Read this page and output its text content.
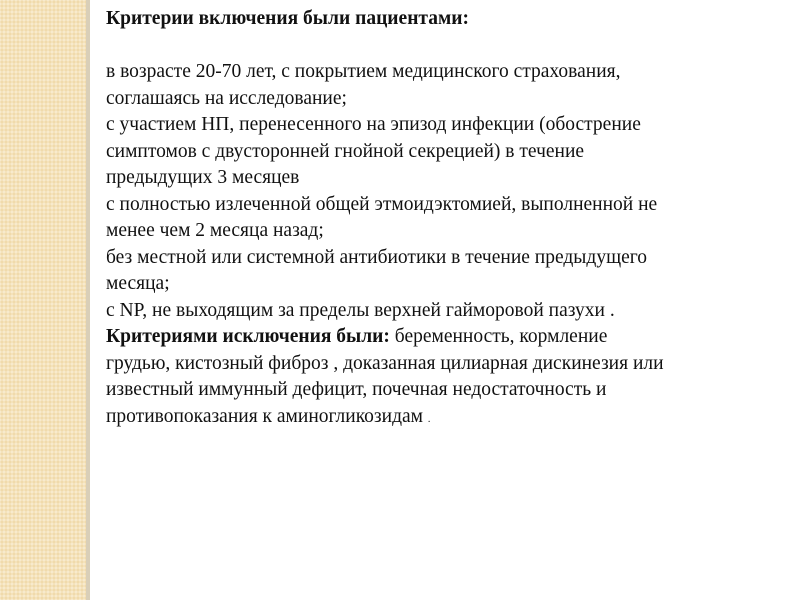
Критерии включения были пациентами:
в возрасте 20-70 лет, с покрытием медицинского страхования,
соглашаясь на исследование;
с участием НП, перенесенного на эпизод инфекции (обострение
симптомов с двусторонней гнойной секрецией) в течение
предыдущих 3 месяцев
с полностью излеченной общей этмоидэктомией, выполненной не
менее чем 2 месяца назад;
без местной или системной антибиотики в течение предыдущего
месяца;
с NP, не выходящим за пределы верхней гайморовой пазухи .
Критериями исключения были: беременность, кормление
грудью, кистозный фиброз , доказанная цилиарная дискинезия или
известный иммунный дефицит, почечная недостаточность и
противопоказания к аминогликозидам .
